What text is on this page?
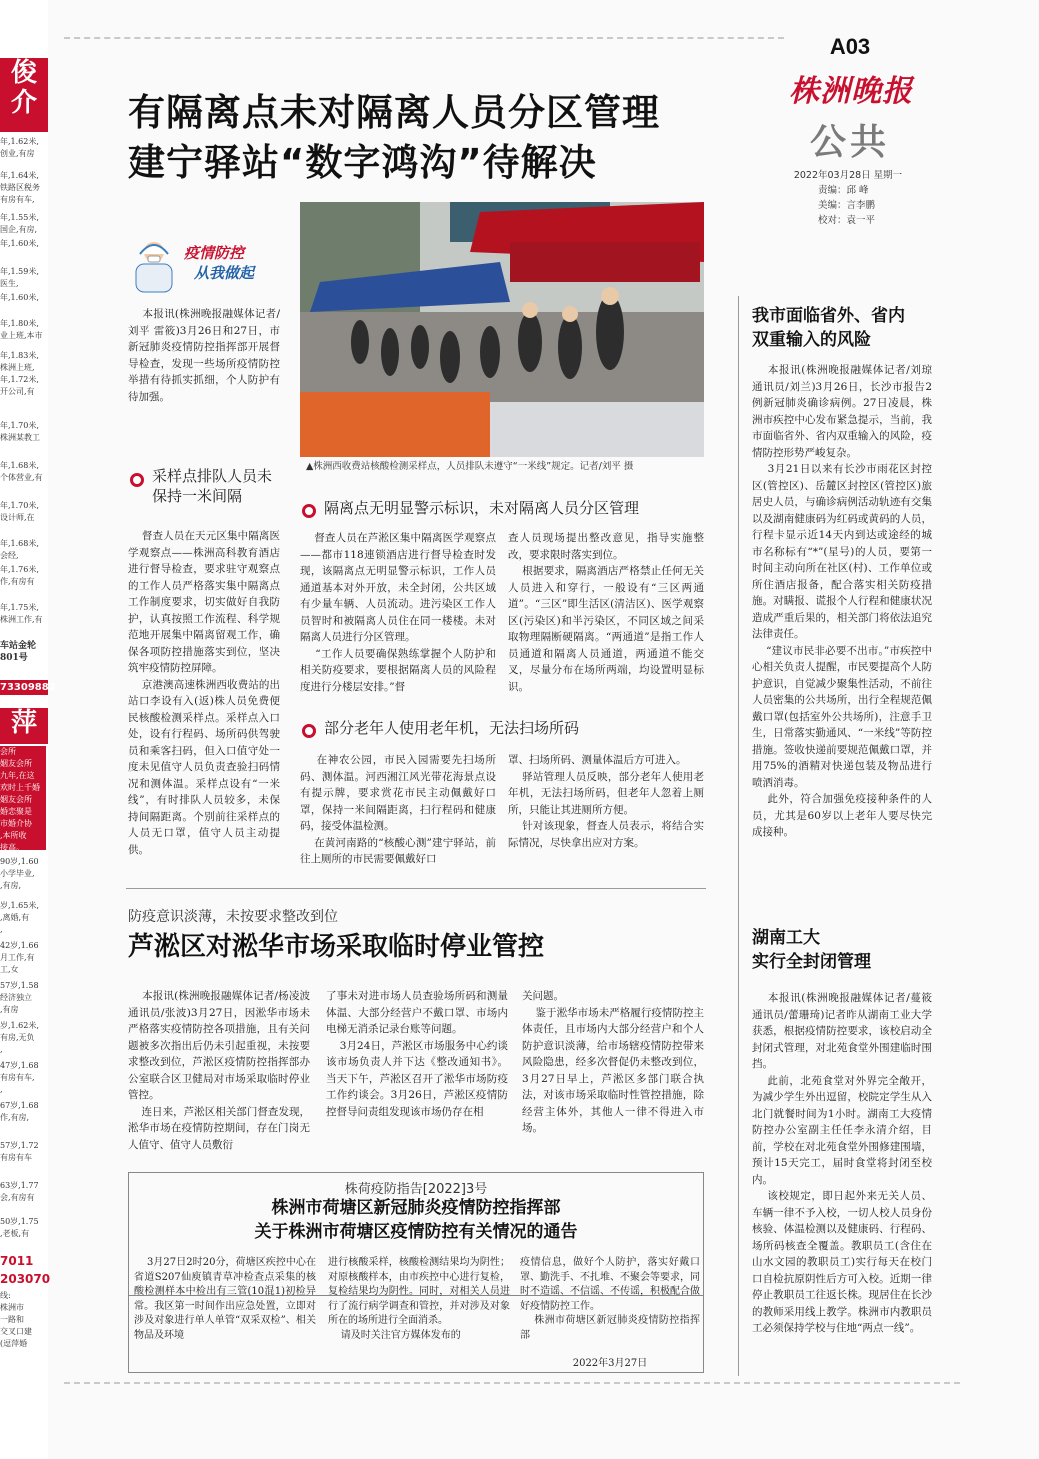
俊
介
年,1.62米,
创业,有房
年,1.64米,
铁路区税务
有房有车,
年,1.55米,
国企,有房,
年,1.60米,
年,1.59米,
医生,
年,1.60米,
年,1.80米,
业上班,本市
年,1.83米,
株洲上班,
年,1.72米,
开公司,有
年,1.70米,
株洲某教工
年,1.68米,
个体营业,有
年,1.70米,
设计师,在
年,1.68米,
会经,
年,1.76米,
作,有房有
年,1.75米,
株洲工作,有
车站金轮
801号
73309882
萍
会所
姻友会所
九年,在这
欢时上千婚
姻友会所
婚恋聚是
市婚介协
,本所收
接高。
90岁,1.60
小学毕业,
,有房,
岁,1.65米,
,离婚,有
,
42岁,1.66
月工作,有
工,女
57岁,1.58
经济独立
,有房
岁,1.62米,
有房,无负
,
47岁,1.68
有房有车,
,
67岁,1.68
作,有房,
57岁,1.72
有房有车
63岁,1.77
会,有房有
50岁,1.75
,老板,有
7011
203070
线:
株洲市
一路和
交叉口建
(逗萍婚
A03
株洲晚报
公共
2022年03月28日 星期一
责编：邱 峰
美编：言李鹏
校对：袁一平
有隔离点未对隔离人员分区管理
建宁驿站“数字鸿沟”待解决
疫情防控
从我做起
▲株洲西收费站核酸检测采样点，人员排队未遵守“一米线”规定。记者/刘平 摄

本报讯(株洲晚报融媒体记者/刘平 雷筱)3月26日和27日，市新冠肺炎疫情防控指挥部开展督导检查，发现一些场所疫情防控举措有待抓实抓细，个人防护有待加强。

采样点排队人员未
保持一米间隔

督查人员在天元区集中隔离医学观察点——株洲高科教育酒店进行督导检查，要求驻守观察点的工作人员严格落实集中隔离点工作制度要求，切实做好自我防护，认真按照工作流程、科学规范地开展集中隔离留观工作，确保各项防控措施落实到位，坚决筑牢疫情防控屏障。
京港澳高速株洲西收费站的出站口李设有入(返)株人员免费便民核酸检测采样点。采样点入口处，设有行程码、场所码供驾驶员和乘客扫码，但入口值守处一度未见值守人员负责查验扫码情况和测体温。采样点设有“一米线”，有时排队人员较多，未保持间隔距离。个别前往采样点的人员无口罩，值守人员主动提供。

隔离点无明显警示标识，未对隔离人员分区管理

督查人员在芦淞区集中隔离医学观察点——都市118連锁酒店进行督导检查时发现，该隔离点无明显警示标识，工作人员通道基本对外开放，未全封闭，公共区域有少量车辆、人员流动。进污染区工作人员智时和被隔离人员住在同一楼楼。未对隔离人员进行分区管理。
“工作人员要确保熟练掌握个人防护和相关防疫要求，要根据隔离人员的风险程度进行分楼层安排。”督

查人员现场提出整改意见，指导实施整改，要求限时落实到位。
根据要求，隔离酒店严格禁止任何无关人员进入和穿行，一般设有“三区两通道”。“三区”即生活区(清洁区)、医学观察区(污染区)和半污染区，不同区域之间采取物理隔断硬隔离。“两通道”是指工作人员通道和隔离人员通道，两通道不能交叉，尽量分布在场所两端，均设置明显标识。

部分老年人使用老年机，无法扫场所码

在神农公园，市民入园需要先扫场所码、测体温。河西湘江风光带花海景点设有提示牌，要求赏花市民主动佩戴好口罩，保持一米间隔距离，扫行程码和健康码，接受体温检测。
在黄河南路的“核酸心测”建宁驿站，前往上厕所的市民需要佩戴好口

罩、扫场所码、测量体温后方可进入。
驿站管理人员反映，部分老年人使用老年机，无法扫场所码，但老年人忽着上厕所，只能让其进厕所方便。
针对该现象，督查人员表示，将结合实际情况，尽快拿出应对方案。

防疫意识淡薄，未按要求整改到位
芦淞区对淞华市场采取临时停业管控

本报讯(株洲晚报融媒体记者/杨凌波 通讯员/张波)3月27日，因淞华市场未严格落实疫情防控各项措施，且有关问题被多次指出后仍未引起重视，未按要求整改到位，芦淞区疫情防控指挥部办公室联合区卫健局对市场采取临时停业管控。
连日来，芦淞区相关部门督查发现，淞华市场在疫情防控期间，存在门岗无人值守、值守人员敷衍

了事未对进市场人员查验场所码和测量体温、大部分经营户不戴口罩、市场内电梯无消杀记录台账等问题。
3月24日，芦淞区市场服务中心约谈该市场负责人并下达《整改通知书》。当天下午，芦淞区召开了淞华市场防疫工作约谈会。3月26日，芦淞区疫情防控督导问责组发现该市场仍存在相

关问题。
鉴于淞华市场未严格履行疫情防控主体责任，且市场内大部分经营户和个人防护意识淡薄，给市场辖疫情防控带来风险隐患，经多次督促仍未整改到位，3月27日早上，芦淞区多部门联合执法，对该市场采取临时性管控措施，除经营主体外，其他人一律不得进入市场。

株荷疫防指告[2022]3号
株洲市荷塘区新冠肺炎疫情防控指挥部
关于株洲市荷塘区疫情防控有关情况的通告

3月27日2时20分，荷塘区疾控中心在省道S207仙庾镇青草冲检查点采集的核酸检测样本中检出有三管(10混1)初检异常。我区第一时间作出应急处置，立即对涉及对象进行单人单管“双采双检”、相关物品及环境

进行核酸采样，核酸检测结果均为阴性；对原核酸样本，由市疾控中心进行复检，复检结果均为阴性。同时，对相关人员进行了流行病学调查和管控，并对涉及对象所在的场所进行全面消杀。
请及时关注官方媒体发布的

疫情信息，做好个人防护，落实好戴口罩、勤洗手、不扎堆、不聚会等要求，同时不造谣、不信谣、不传谣，积极配合做好疫情防控工作。
株洲市荷塘区新冠肺炎疫情防控指挥部

2022年3月27日
我市面临省外、省内
双重输入的风险

本报讯(株洲晚报融媒体记者/刘琼 通讯员/刘兰)3月26日，长沙市报告2例新冠肺炎确诊病例。27日凌晨，株洲市疾控中心发布紧急提示，当前，我市面临省外、省内双重输入的风险，疫情防控形势严峻复杂。
3月21日以来有长沙市雨花区封控区(管控区)、岳麓区封控区(管控区)旅居史人员，与确诊病例活动轨迹有交集以及湖南健康码为红码或黄码的人员，行程卡显示近14天内到达或途经的城市名称标有“*”(星号)的人员，要第一时间主动向所在社区(村)、工作单位或所住酒店报备，配合落实相关防疫措施。对瞒报、谎报个人行程和健康状况造成严重后果的，相关部门将依法追究法律责任。
“建议市民非必要不出市。”市疾控中心相关负责人提醒，市民要提高个人防护意识，自觉减少聚集性活动，不前往人员密集的公共场所，出行全程规范佩戴口罩(包括室外公共场所)，注意手卫生，日常落实勤通风、“一米线”等防控措施。签收快递前要规范佩戴口罩，并用75%的酒精对快递包装及物品进行喷洒消毒。
此外，符合加强免疫接种条件的人员，尤其是60岁以上老年人要尽快完成接种。

湖南工大
实行全封闭管理

本报讯(株洲晚报融媒体记者/蔓筱 通讯员/蕾珊琦)记者昨从湖南工业大学获悉，根据疫情防控要求，该校启动全封闭式管理，对北苑食堂外围建临时围挡。
此前，北苑食堂对外界完全敞开，为减少学生外出逗留，校院定学生从入北门就餐时间为1小时。湖南工大疫情防控办公室副主任任李永清介绍，目前，学校在对北苑食堂外围修建围墙，预计15天完工，届时食堂将封闭至校内。
该校规定，即日起外来无关人员、车辆一律不予入校，一切人校人员身份核验、体温检测以及健康码、行程码、场所码核查全覆盖。教职员工(含住在山水文园的教职员工)实行每天在校门口自检抗原阴性后方可入校。近期一律停止教职员工往返长株。现居住在长沙的教师采用线上教学。株洲市内教职员工必须保持学校与住地“两点一线”。
